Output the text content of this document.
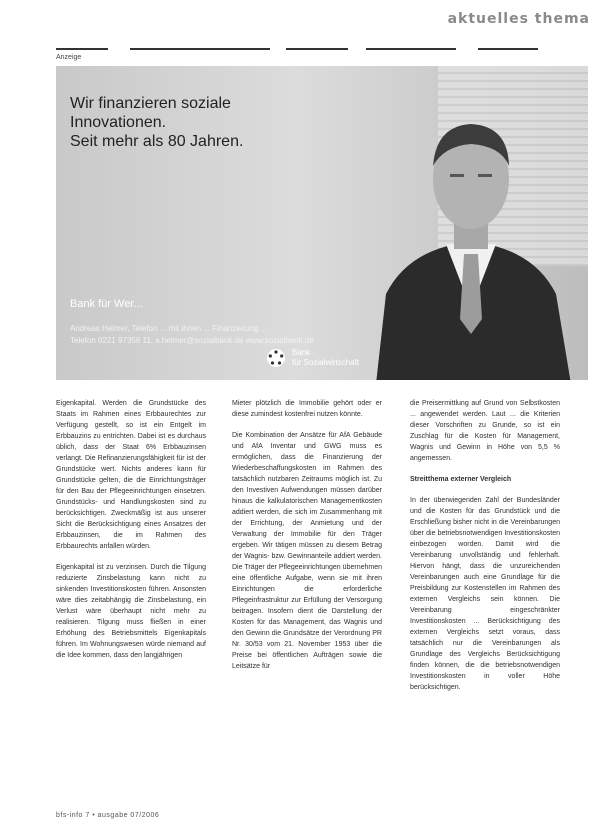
aktuelles thema
Anzeige
Wir finanzieren soziale
Innovationen.
Seit mehr als 80 Jahren.
Bank für Wer...
Andreas Helmer, Telefon ... mit ihnen ... Finanzierung ...
Telefon 0221 97356 11, a.helmer@sozialbank.de www.sozialbank.de
Bank
für Sozialwirtschaft

Eigenkapital. Werden die Grundstücke des Staats im Rahmen eines Erbbaurechtes zur Verfügung gestellt, so ist ein Entgelt im Erbbauzins zu entrichten. Dabei ist es durchaus üblich, dass der Staat 6% Erbbauzinsen verlangt. Die Refinanzierungsfähigkeit für ist der Grundstücke wert. Nichts anderes kann für Grundstücke gelten, die die Einrichtungsträger für den Bau der Pflegeeinrichtungen einsetzen. Grundstücks- und Handlungskosten sind zu berücksichtigen. Zweckmäßig ist aus unserer Sicht die Berücksichtigung eines Ansatzes der Erbbauzinsen, die im Rahmen des Erbbaurechts anfallen würden.

Eigenkapital ist zu verzinsen. Durch die Tilgung reduzierte Zinsbelastung kann nicht zu sinkenden Investitionskosten führen. Ansonsten wäre dies zeitabhängig die Zinsbelastung, ein Verlust wäre überhaupt nicht mehr zu realisieren. Tilgung muss fließen in einer Erhöhung des Betriebsmittels Eigenkapitals führen. Im Wohnungswesen würde niemand auf die Idee kommen, dass den langjährigen

Mieter plötzlich die Immobilie gehört oder er diese zumindest kostenfrei nutzen könnte.

Die Kombination der Ansätze für AfA Gebäude und AfA Inventar und GWG muss es ermöglichen, dass die Finanzierung der Wiederbeschaffungskosten im Rahmen des tatsächlich nutzbaren Zeitraums möglich ist. Zu den Investiven Aufwendungen müssen darüber hinaus die kalkulatorischen Managementkosten addiert werden, die sich im Zusammenhang mit der Errichtung, der Anmietung und der Verwaltung der Immobilie für den Träger ergeben. Wir tätigen müssen zu diesem Betrag der Wagnis- bzw. Gewinnanteile addiert werden. Die Träger der Pflegeeinrichtungen übernehmen eine öffentliche Aufgabe, wenn sie mit ihren Einrichtungen die erforderliche Pflegeinfrastruktur zur Erfüllung der Versorgung beitragen. Insofern dient die Darstellung der Kosten für das Management, das Wagnis und den Gewinn die Grundsätze der Verordnung PR Nr. 30/53 vom 21. November 1953 über die Preise bei öffentlichen Aufträgen sowie die Leitsätze für

die Preisermittlung auf Grund von Selbstkosten ... angewendet werden. Laut ... die Kriterien dieser Vorschriften zu Grunde, so ist ein Zuschlag für die Kosten für Management, Wagnis und Gewinn in Höhe von 5,5 % angemessen.

Streitthema externer Vergleich

In der überwiegenden Zahl der Bundesländer und die Kosten für das Grundstück und die Erschließung bisher nicht in die Vereinbarungen über die betriebsnotwendigen Investitionskosten einbezogen worden. Damit wird die Vereinbarung unvollständig und fehlerhaft. Hiervon hängt, dass die unzureichenden Vereinbarungen auch eine Grundlage für die Preisbildung zur Kostenstellen im Rahmen des externen Vergleichs sein können. Die Vereinbarung eingeschränkter Investitionskosten ... Berücksichtigung des externen Vergleichs setzt voraus, dass tatsächlich nur die Vereinbarungen als Grundlage des Vergleichs Berücksichtigung finden können, die die betriebsnotwendigen Investitionskosten in voller Höhe berücksichtigen.

bfs-info 7 • ausgabe 07/2006
